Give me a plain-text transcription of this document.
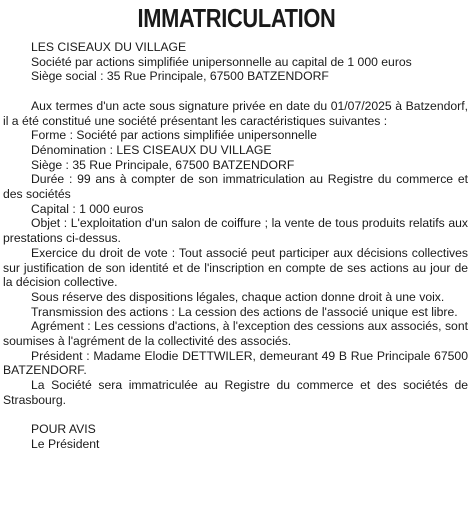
IMMATRICULATION
LES CISEAUX DU VILLAGE
Société par actions simplifiée unipersonnelle au capital de 1 000 euros
Siège social : 35 Rue Principale, 67500 BATZENDORF
Aux termes d'un acte sous signature privée en date du 01/07/2025 à Batzendorf, il a été constitué une société présentant les caractéristiques suivantes :
Forme : Société par actions simplifiée unipersonnelle
Dénomination : LES CISEAUX DU VILLAGE
Siège : 35 Rue Principale, 67500 BATZENDORF
Durée : 99 ans à compter de son immatriculation au Registre du commerce et des sociétés
Capital : 1 000 euros
Objet : L'exploitation d'un salon de coiffure ; la vente de tous produits relatifs aux prestations ci-dessus.
Exercice du droit de vote : Tout associé peut participer aux décisions collectives sur justification de son identité et de l'inscription en compte de ses actions au jour de la décision collective.
Sous réserve des dispositions légales, chaque action donne droit à une voix.
Transmission des actions : La cession des actions de l'associé unique est libre.
Agrément : Les cessions d'actions, à l'exception des cessions aux associés, sont soumises à l'agrément de la collectivité des associés.
Président : Madame Elodie DETTWILER, demeurant 49 B Rue Principale 67500 BATZENDORF.
La Société sera immatriculée au Registre du commerce et des sociétés de Strasbourg.
POUR AVIS
Le Président
